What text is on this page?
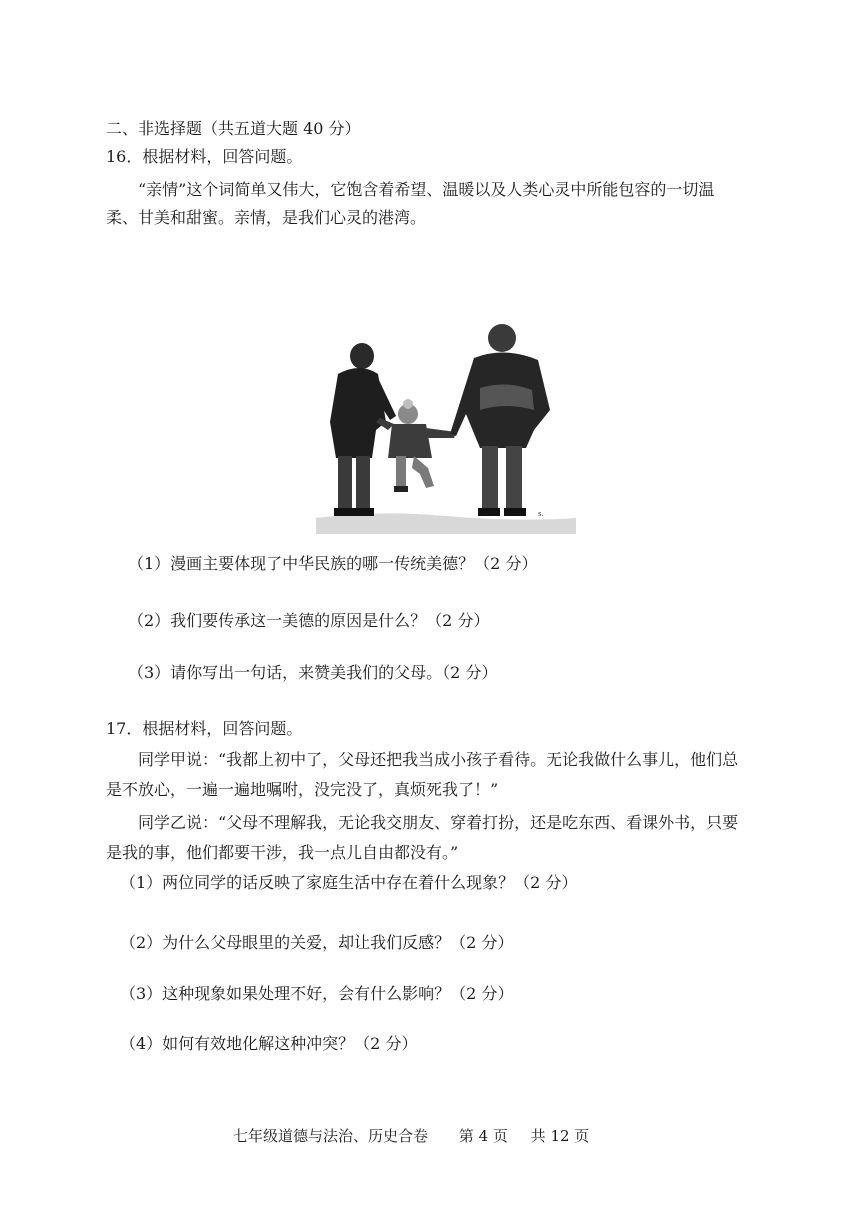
二、非选择题（共五道大题 40 分）
16．根据材料，回答问题。
“亲情”这个词简单又伟大，它饱含着希望、温暖以及人类心灵中所能包容的一切温柔、甘美和甜蜜。亲情，是我们心灵的港湾。
s.
（1）漫画主要体现了中华民族的哪一传统美德？（2 分）
（2）我们要传承这一美德的原因是什么？（2 分）
（3）请你写出一句话，来赞美我们的父母。（2 分）
17．根据材料，回答问题。
同学甲说：“我都上初中了，父母还把我当成小孩子看待。无论我做什么事儿，他们总是不放心，一遍一遍地嘱咐，没完没了，真烦死我了！”
同学乙说：“父母不理解我，无论我交朋友、穿着打扮，还是吃东西、看课外书，只要是我的事，他们都要干涉，我一点儿自由都没有。”
（1）两位同学的话反映了家庭生活中存在着什么现象？（2 分）
（2）为什么父母眼里的关爱，却让我们反感？（2 分）
（3）这种现象如果处理不好，会有什么影响？（2 分）
（4）如何有效地化解这种冲突？（2 分）
七年级道德与法治、历史合卷 第 4 页 共 12 页
